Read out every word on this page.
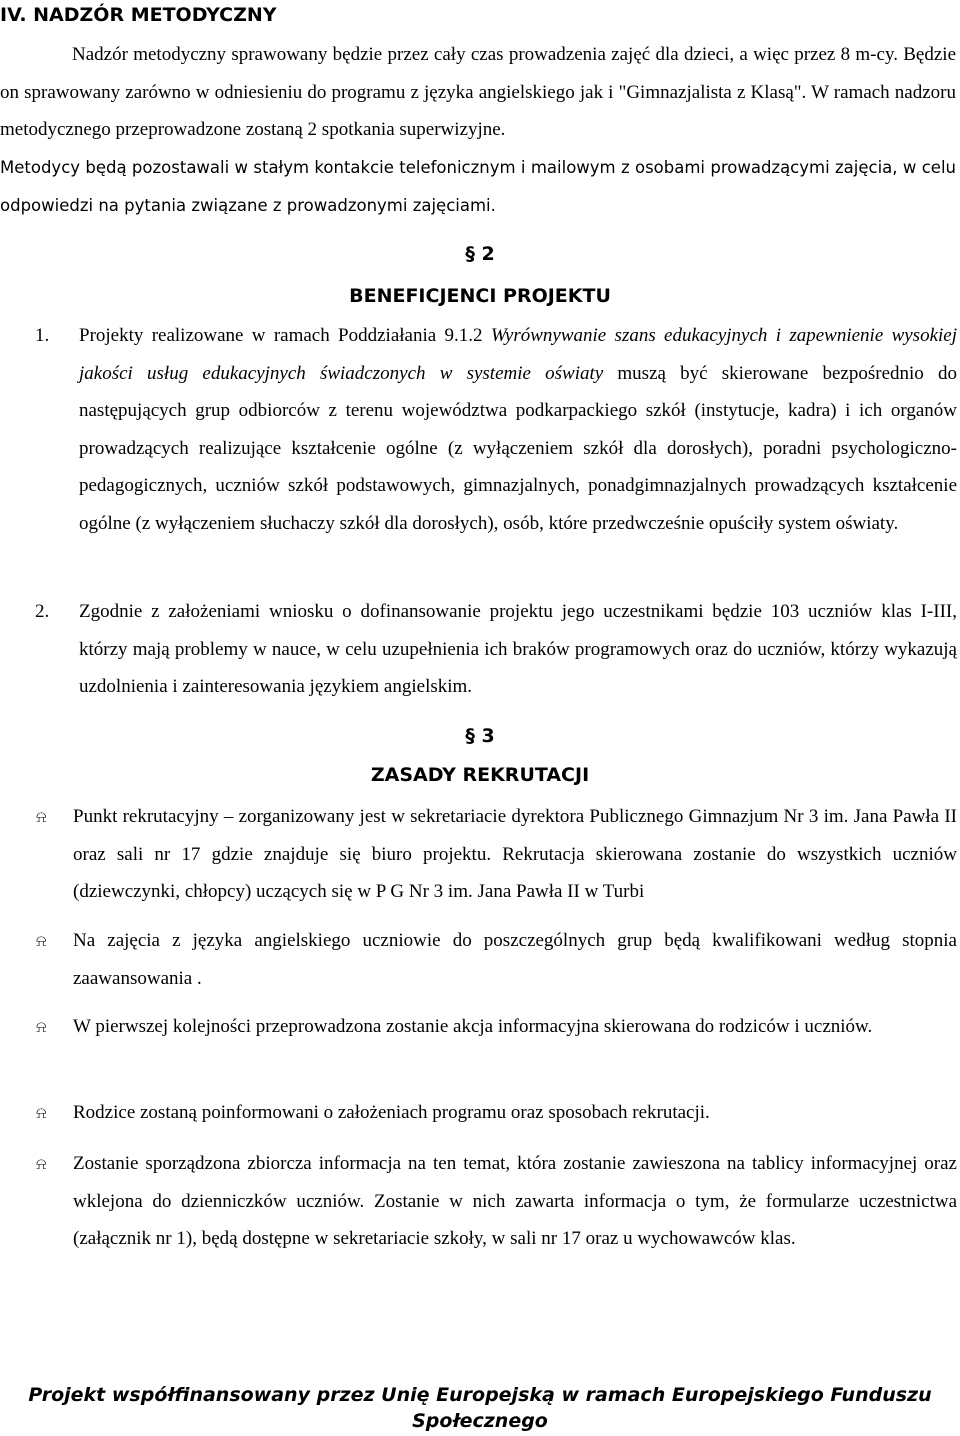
IV. NADZÓR METODYCZNY
Nadzór metodyczny sprawowany będzie przez cały czas prowadzenia zajęć dla dzieci, a więc przez 8 m-cy. Będzie on sprawowany zarówno w odniesieniu do programu z języka angielskiego jak i "Gimnazjalista z Klasą". W ramach nadzoru metodycznego przeprowadzone zostaną 2 spotkania superwizyjne.
Metodycy będą pozostawali w stałym kontakcie telefonicznym i mailowym z osobami prowadzącymi zajęcia, w celu odpowiedzi na pytania związane z prowadzonymi zajęciami.
§ 2
BENEFICJENCI PROJEKTU
1. Projekty realizowane w ramach Poddziałania 9.1.2 Wyrównywanie szans edukacyjnych i zapewnienie wysokiej jakości usług edukacyjnych świadczonych w systemie oświaty muszą być skierowane bezpośrednio do następujących grup odbiorców z terenu województwa podkarpackiego szkół (instytucje, kadra) i ich organów prowadzących realizujące kształcenie ogólne (z wyłączeniem szkół dla dorosłych), poradni psychologiczno-pedagogicznych, uczniów szkół podstawowych, gimnazjalnych, ponadgimnazjalnych prowadzących kształcenie ogólne (z wyłączeniem słuchaczy szkół dla dorosłych), osób, które przedwcześnie opuściły system oświaty.
2. Zgodnie z założeniami wniosku o dofinansowanie projektu jego uczestnikami będzie 103 uczniów klas I-III, którzy mają problemy w nauce, w celu uzupełnienia ich braków programowych oraz do uczniów, którzy wykazują uzdolnienia i zainteresowania językiem angielskim.
§ 3
ZASADY REKRUTACJI
⍾ Punkt rekrutacyjny – zorganizowany jest w sekretariacie dyrektora Publicznego Gimnazjum Nr 3 im. Jana Pawła II oraz sali nr 17 gdzie znajduje się biuro projektu. Rekrutacja skierowana zostanie do wszystkich uczniów (dziewczynki, chłopcy) uczących się w P G Nr 3 im. Jana Pawła II w Turbi
⍾ Na zajęcia z języka angielskiego uczniowie do poszczególnych grup będą kwalifikowani według stopnia zaawansowania .
⍾ W pierwszej kolejności przeprowadzona zostanie akcja informacyjna skierowana do rodziców i uczniów.
⍾ Rodzice zostaną poinformowani o założeniach programu oraz sposobach rekrutacji.
⍾ Zostanie sporządzona zbiorcza informacja na ten temat, która zostanie zawieszona na tablicy informacyjnej oraz wklejona do dzienniczków uczniów. Zostanie w nich zawarta informacja o tym, że formularze uczestnictwa (załącznik nr 1), będą dostępne w sekretariacie szkoły, w sali nr 17 oraz u wychowawców klas.
Projekt współfinansowany przez Unię Europejską w ramach Europejskiego Funduszu
Społecznego
